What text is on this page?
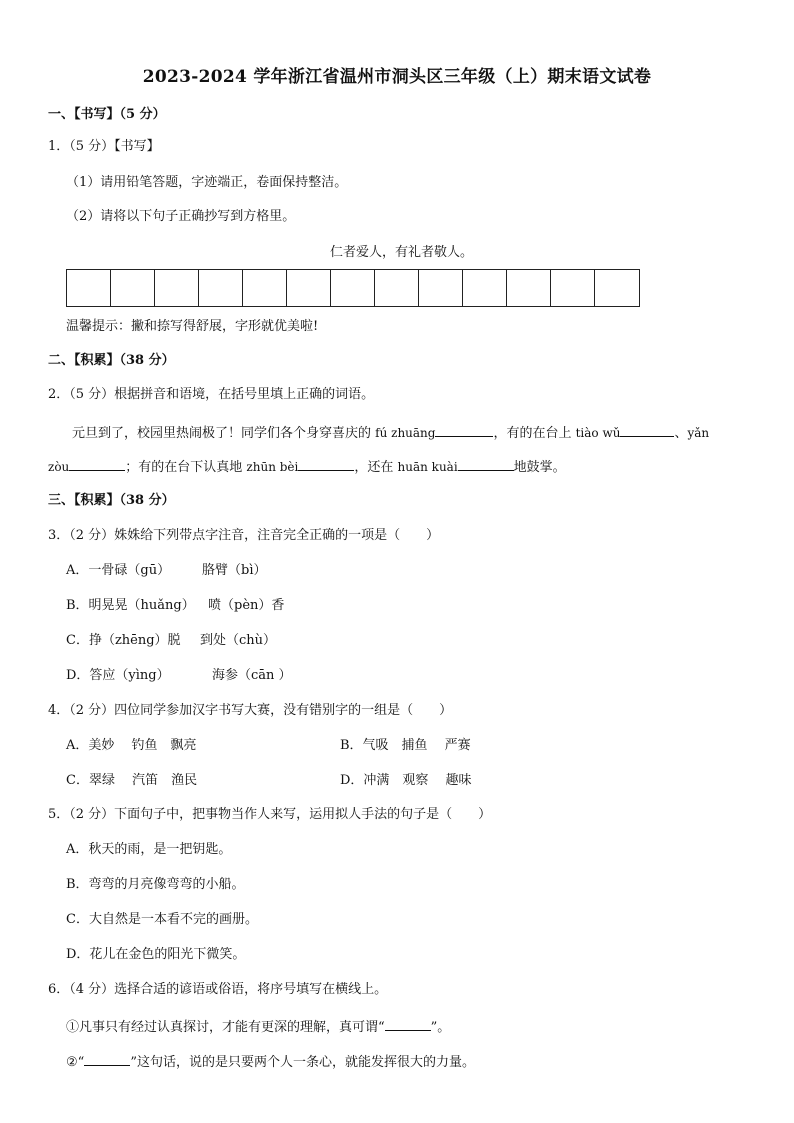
2023-2024 学年浙江省温州市洞头区三年级（上）期末语文试卷
一、【书写】（5 分）
1．（5 分）【书写】
（1）请用铅笔答题，字迹端正，卷面保持整洁。
（2）请将以下句子正确抄写到方格里。
仁者爱人，有礼者敬人。
温馨提示：撇和捺写得舒展，字形就优美啦!
二、【积累】（38 分）
2．（5 分）根据拼音和语境，在括号里填上正确的词语。
元旦到了，校园里热闹极了！同学们各个身穿喜庆的 fú zhuāng	，有的在台上 tiào wǔ	、yǎn
zòu	；有的在台下认真地 zhūn bèi	，还在 huān kuài	地鼓掌。
三、【积累】（38 分）
3．（2 分）姝姝给下列带点字注音，注音完全正确的一项是（　　）
A．一骨碌（gū） 胳臂（bì）
B．明晃晃（huǎng） 喷（pèn）香
C．挣（zhēng）脱 到处（chù）
D．答应（yìng）	海参（cān ）
4．（2 分）四位同学参加汉字书写大赛，没有错别字的一组是（　　）
A．美妙　 钓鱼　飘亮	B．气吸　捕鱼　 严赛
C．翠绿　 汽笛　渔民	D．冲满　观察　 趣味
5．（2 分）下面句子中，把事物当作人来写，运用拟人手法的句子是（　　）
A．秋天的雨，是一把钥匙。
B．弯弯的月亮像弯弯的小船。
C．大自然是一本看不完的画册。
D．花儿在金色的阳光下微笑。
6．（4 分）选择合适的谚语或俗语，将序号填写在横线上。
①凡事只有经过认真探讨，才能有更深的理解，真可谓“	”。
②“	”这句话，说的是只要两个人一条心，就能发挥很大的力量。
